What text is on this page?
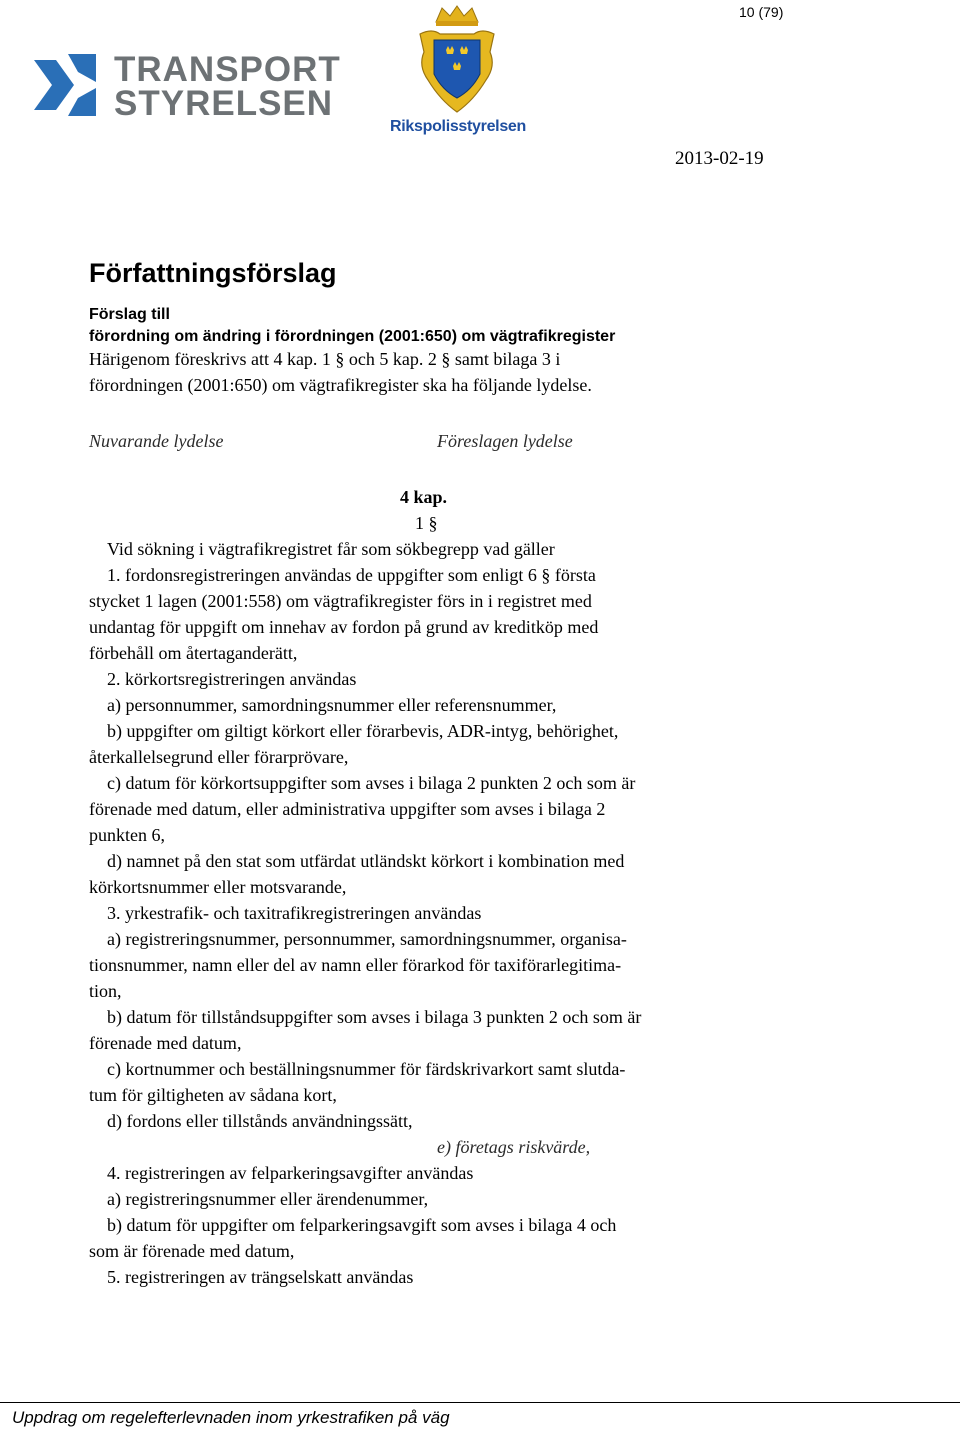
10 (79)
TRANSPORT
STYRELSEN
Rikspolisstyrelsen
2013-02-19
Författningsförslag
Förslag till
förordning om ändring i förordningen (2001:650) om vägtrafikregister
Härigenom föreskrivs att 4 kap. 1 § och 5 kap. 2 § samt bilaga 3 i
förordningen (2001:650) om vägtrafikregister ska ha följande lydelse.
Nuvarande lydelse	Föreslagen lydelse
4 kap.
1 §
Vid sökning i vägtrafikregistret får som sökbegrepp vad gäller
1. fordonsregistreringen användas de uppgifter som enligt 6 § första
stycket 1 lagen (2001:558) om vägtrafikregister förs in i registret med
undantag för uppgift om innehav av fordon på grund av kreditköp med
förbehåll om återtaganderätt,
2. körkortsregistreringen användas
a) personnummer, samordningsnummer eller referensnummer,
b) uppgifter om giltigt körkort eller förarbevis, ADR-intyg, behörighet,
återkallelsegrund eller förarprövare,
c) datum för körkortsuppgifter som avses i bilaga 2 punkten 2 och som är
förenade med datum, eller administrativa uppgifter som avses i bilaga 2
punkten 6,
d) namnet på den stat som utfärdat utländskt körkort i kombination med
körkortsnummer eller motsvarande,
3. yrkestrafik- och taxitrafikregistreringen användas
a) registreringsnummer, personnummer, samordningsnummer, organisa-
tionsnummer, namn eller del av namn eller förarkod för taxiförarlegitima-
tion,
b) datum för tillståndsuppgifter som avses i bilaga 3 punkten 2 och som är
förenade med datum,
c) kortnummer och beställningsnummer för färdskrivarkort samt slutda-
tum för giltigheten av sådana kort,
d) fordons eller tillstånds användningssätt,
e) företags riskvärde,
4. registreringen av felparkeringsavgifter användas
a) registreringsnummer eller ärendenummer,
b) datum för uppgifter om felparkeringsavgift som avses i bilaga 4 och
som är förenade med datum,
5. registreringen av trängselskatt användas
Uppdrag om regelefterlevnaden inom yrkestrafiken på väg
